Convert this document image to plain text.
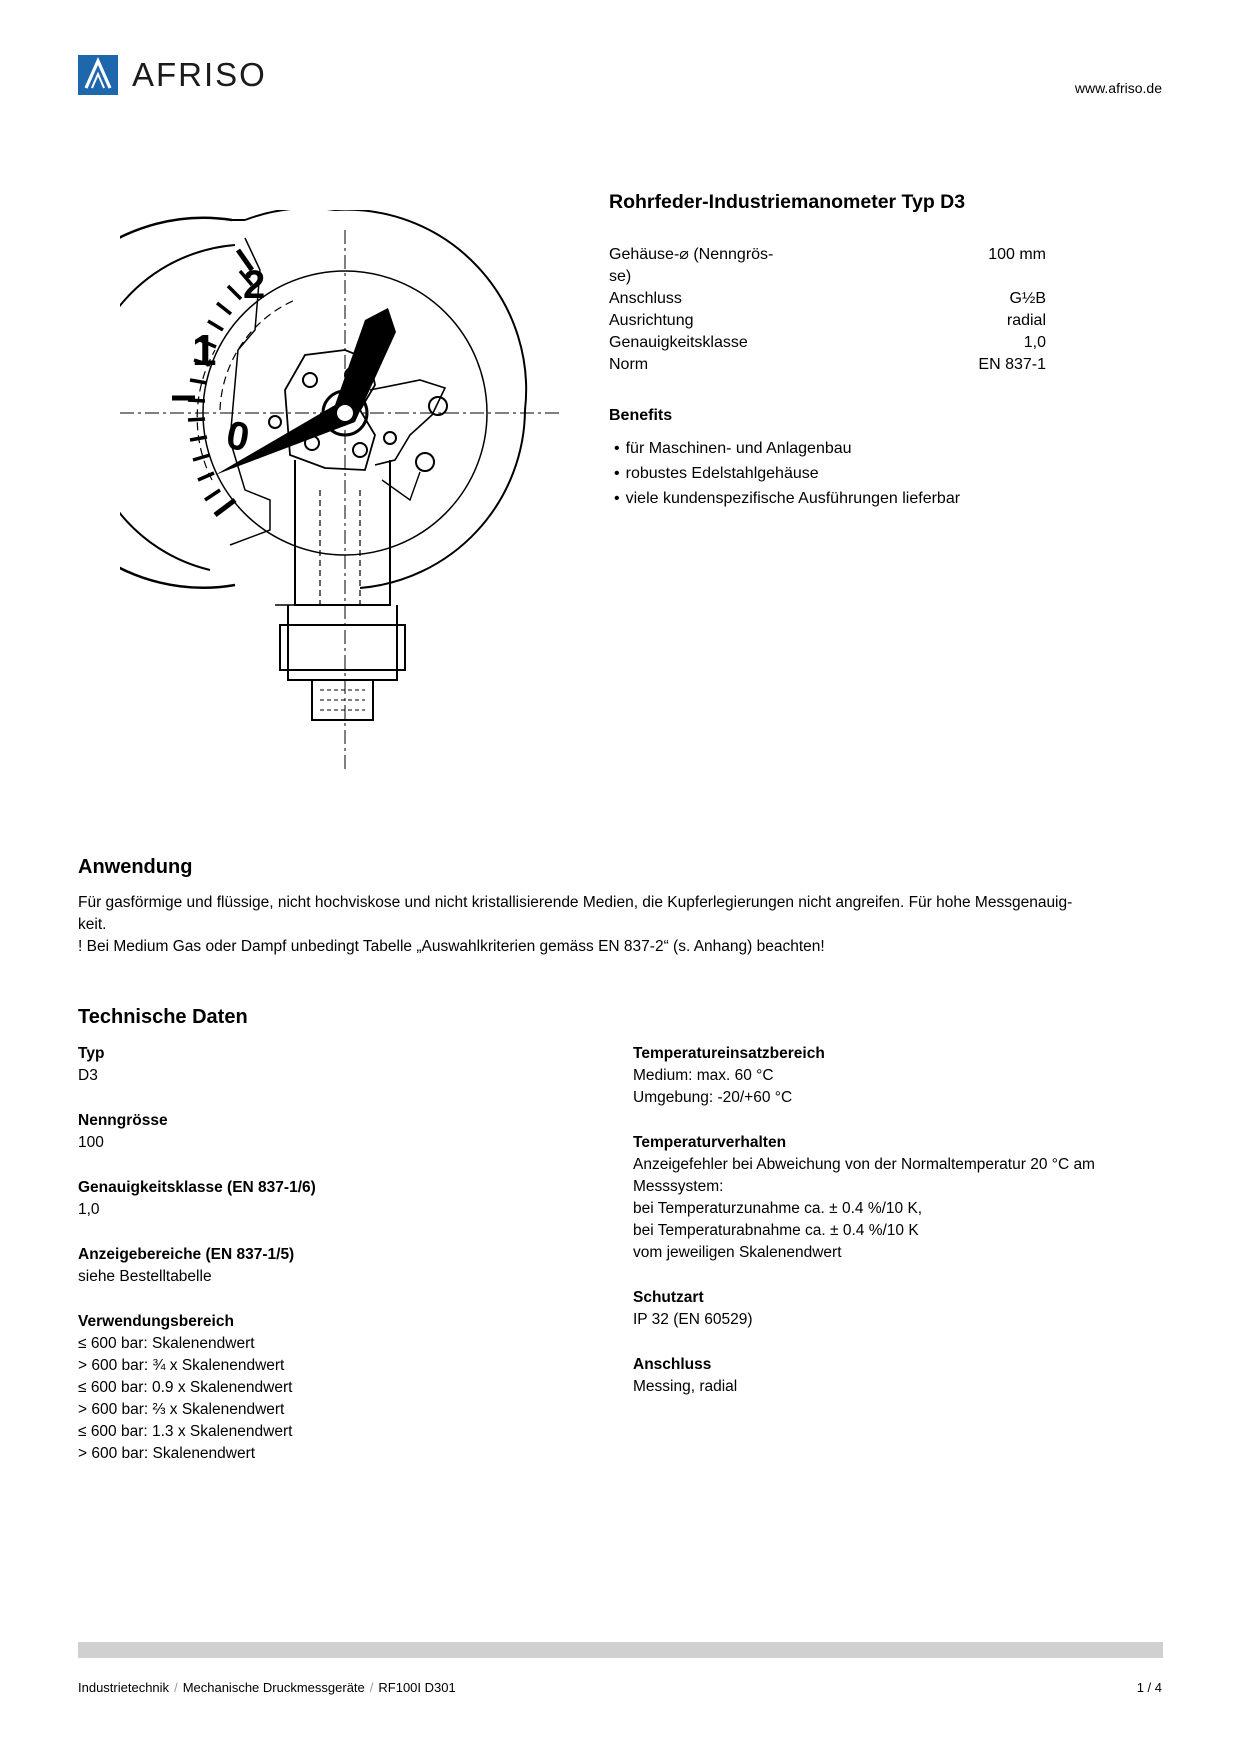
AFRISO	www.afriso.de
Rohrfeder-Industriemanometer Typ D3
Gehäuse-⌀ (Nenngrös-
se)	100 mm
Anschluss	G½B
Ausrichtung	radial
Genauigkeitsklasse	1,0
Norm	EN 837-1
Benefits
• für Maschinen- und Anlagenbau
• robustes Edelstahlgehäuse
• viele kundenspezifische Ausführungen lieferbar
0
1
2
Anwendung
Für gasförmige und flüssige, nicht hochviskose und nicht kristallisierende Medien, die Kupferlegierungen nicht angreifen. Für hohe Messgenauig-
keit.
! Bei Medium Gas oder Dampf unbedingt Tabelle „Auswahlkriterien gemäss EN 837-2“ (s. Anhang) beachten!
Technische Daten
Typ
D3
Nenngrösse
100
Genauigkeitsklasse (EN 837-1/6)
1,0
Anzeigebereiche (EN 837-1/5)
siehe Bestelltabelle
Verwendungsbereich
≤ 600 bar: Skalenendwert
> 600 bar: ¾ x Skalenendwert
≤ 600 bar: 0.9 x Skalenendwert
> 600 bar: ⅔ x Skalenendwert
≤ 600 bar: 1.3 x Skalenendwert
> 600 bar: Skalenendwert
Temperatureinsatzbereich
Medium: max. 60 °C
Umgebung: -20/+60 °C
Temperaturverhalten
Anzeigefehler bei Abweichung von der Normaltemperatur 20 °C am
Messsystem:
bei Temperaturzunahme ca. ± 0.4 %/10 K,
bei Temperaturabnahme ca. ± 0.4 %/10 K
vom jeweiligen Skalenendwert
Schutzart
IP 32 (EN 60529)
Anschluss
Messing, radial
Industrietechnik / Mechanische Druckmessgeräte / RF100I D301	1 / 4
